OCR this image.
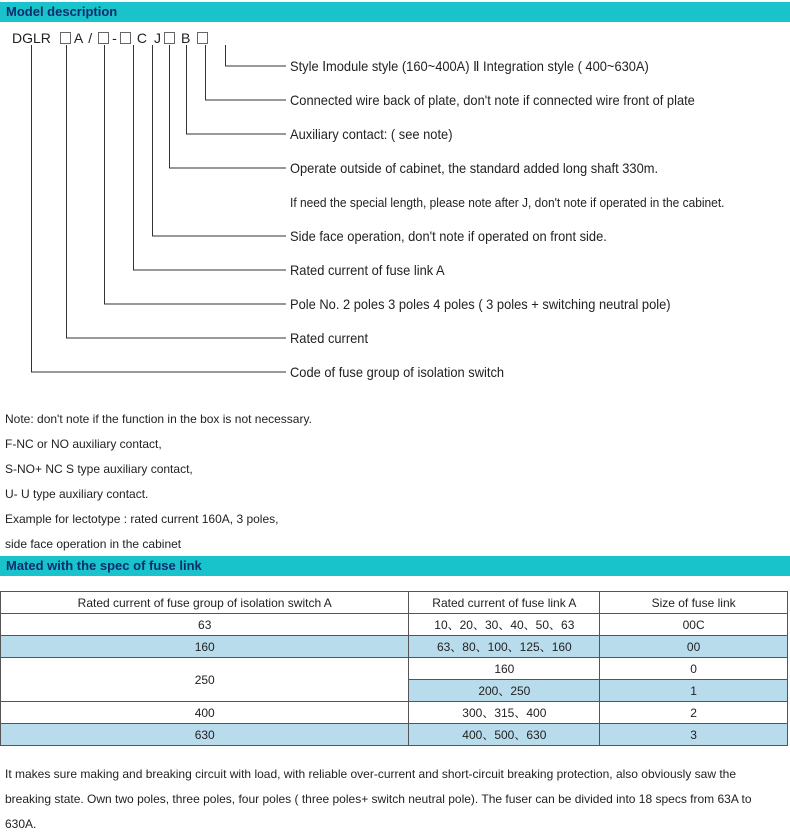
Model description
DGLR A / - C J B
Style Ⅰmodule style (160~400A) Ⅱ Integration style ( 400~630A)
Connected wire back of plate, don't note if connected wire front of plate
Auxiliary contact: ( see note)
Operate outside of cabinet, the standard added long shaft 330m.
If need the special length, please note after J, don't note if operated in the cabinet.
Side face operation, don't note if operated on front side.
Rated current of fuse link A
Pole No. 2 poles 3 poles 4 poles ( 3 poles + switching neutral pole)
Rated current
Code of fuse group of isolation switch
Note: don't note if the function in the box is not necessary.
F-NC or NO auxiliary contact,
S-NO+ NC S type auxiliary contact,
U- U type auxiliary contact.
Example for lectotype : rated current 160A, 3 poles,
side face operation in the cabinet
Mated with the spec of fuse link
Rated current of fuse group of isolation switch A	Rated current of fuse link A	Size of fuse link
63	10、20、30、40、50、63	00C
160	63、80、100、125、160	00
250	160	0
	200、250	1
400	300、315、400	2
630	400、500、630	3
It makes sure making and breaking circuit with load, with reliable over-current and short-circuit breaking protection, also obviously saw the breaking state. Own two poles, three poles, four poles ( three poles+ switch neutral pole). The fuser can be divided into 18 specs from 63A to 630A.
